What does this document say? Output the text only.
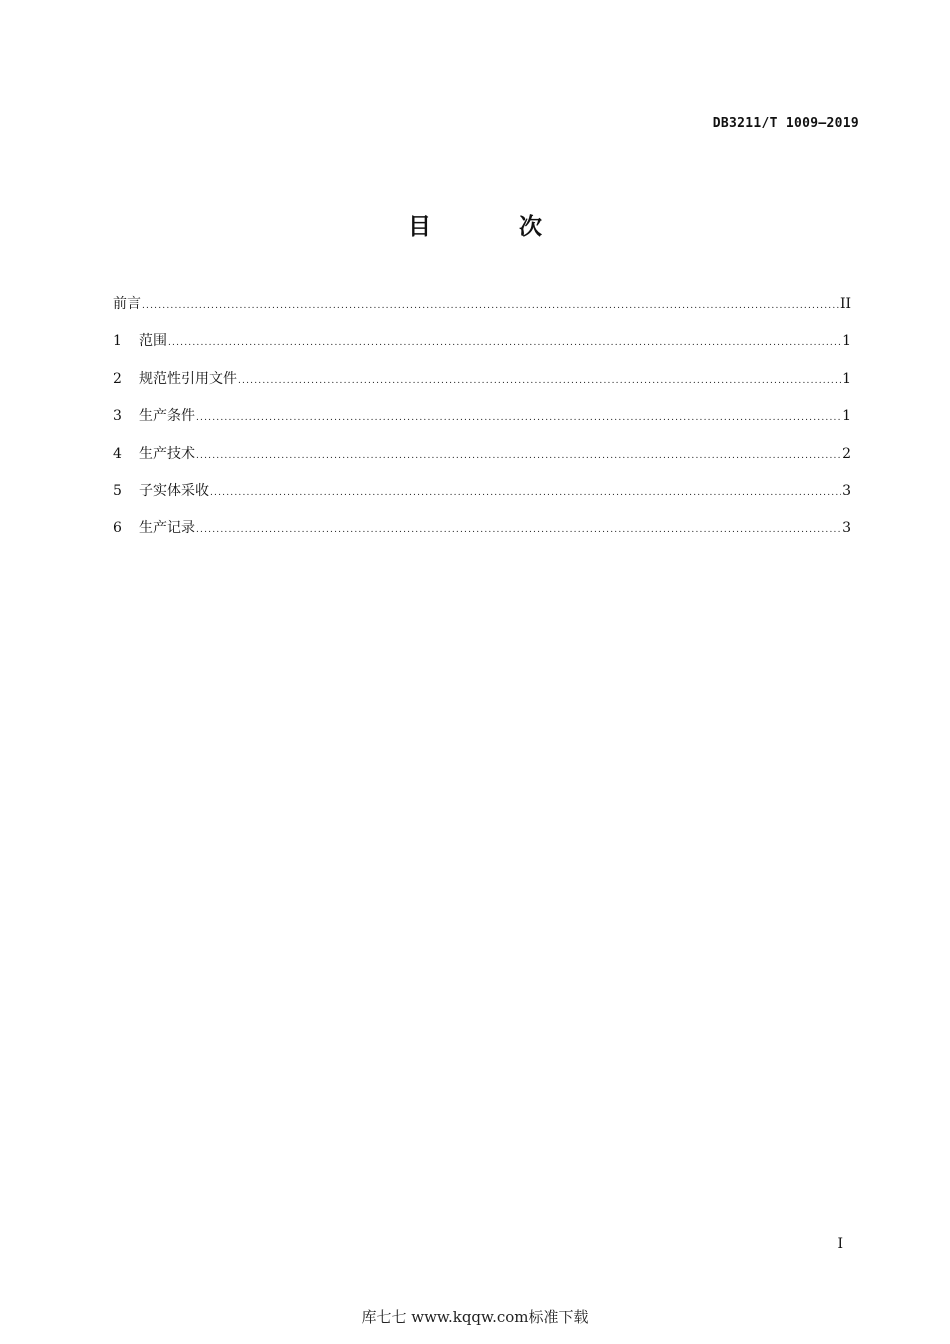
DB3211/T 1009—2019
目 次
前言 .....	II
1	范围 .....	1
2	规范性引用文件 .....	1
3	生产条件 .....	1
4	生产技术 .....	2
5	子实体采收 .....	3
6	生产记录 .....	3
I
库七七 www.kqqw.com标准下载
